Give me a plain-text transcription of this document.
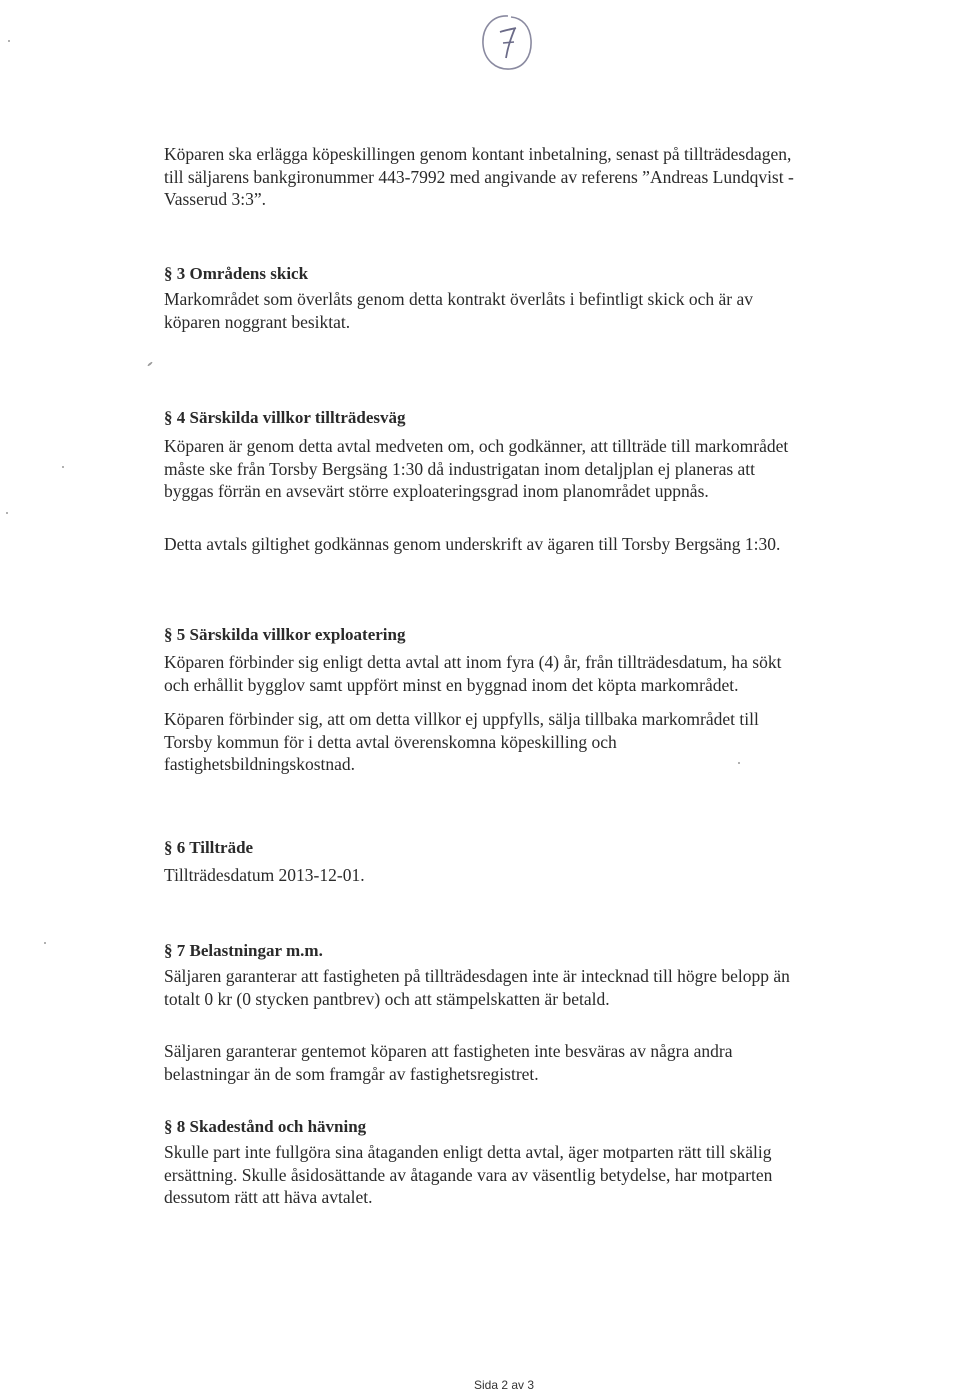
7

Köparen ska erlägga köpeskillingen genom kontant inbetalning, senast på tillträdesdagen,

till säljarens bankgironummer 443-7992 med angivande av referens ”Andreas Lundqvist -

Vasserud 3:3”.

§ 3 Områdens skick

Markområdet som överlåts genom detta kontrakt överlåts i befintligt skick och är av

köparen noggrant besiktat.

§ 4 Särskilda villkor tillträdesväg

Köparen är genom detta avtal medveten om, och godkänner, att tillträde till markområdet

måste ske från Torsby Bergsäng 1:30 då industrigatan inom detaljplan ej planeras att

byggas förrän en avsevärt större exploateringsgrad inom planområdet uppnås.

Detta avtals giltighet godkännas genom underskrift av ägaren till Torsby Bergsäng 1:30.

§ 5 Särskilda villkor exploatering

Köparen förbinder sig enligt detta avtal att inom fyra (4) år, från tillträdesdatum, ha sökt

och erhållit bygglov samt uppfört minst en byggnad inom det köpta markområdet.

Köparen förbinder sig, att om detta villkor ej uppfylls, sälja tillbaka markområdet till

Torsby kommun för i detta avtal överenskomna köpeskilling och

fastighetsbildningskostnad.

§ 6 Tillträde

Tillträdesdatum 2013-12-01.

§ 7 Belastningar m.m.

Säljaren garanterar att fastigheten på tillträdesdagen inte är intecknad till högre belopp än

totalt 0 kr (0 stycken pantbrev) och att stämpelskatten är betald.

Säljaren garanterar gentemot köparen att fastigheten inte besväras av några andra

belastningar än de som framgår av fastighetsregistret.

§ 8 Skadestånd och hävning

Skulle part inte fullgöra sina åtaganden enligt detta avtal, äger motparten rätt till skälig

ersättning. Skulle åsidosättande av åtagande vara av väsentlig betydelse, har motparten

dessutom rätt att häva avtalet.

Sida 2 av 3
